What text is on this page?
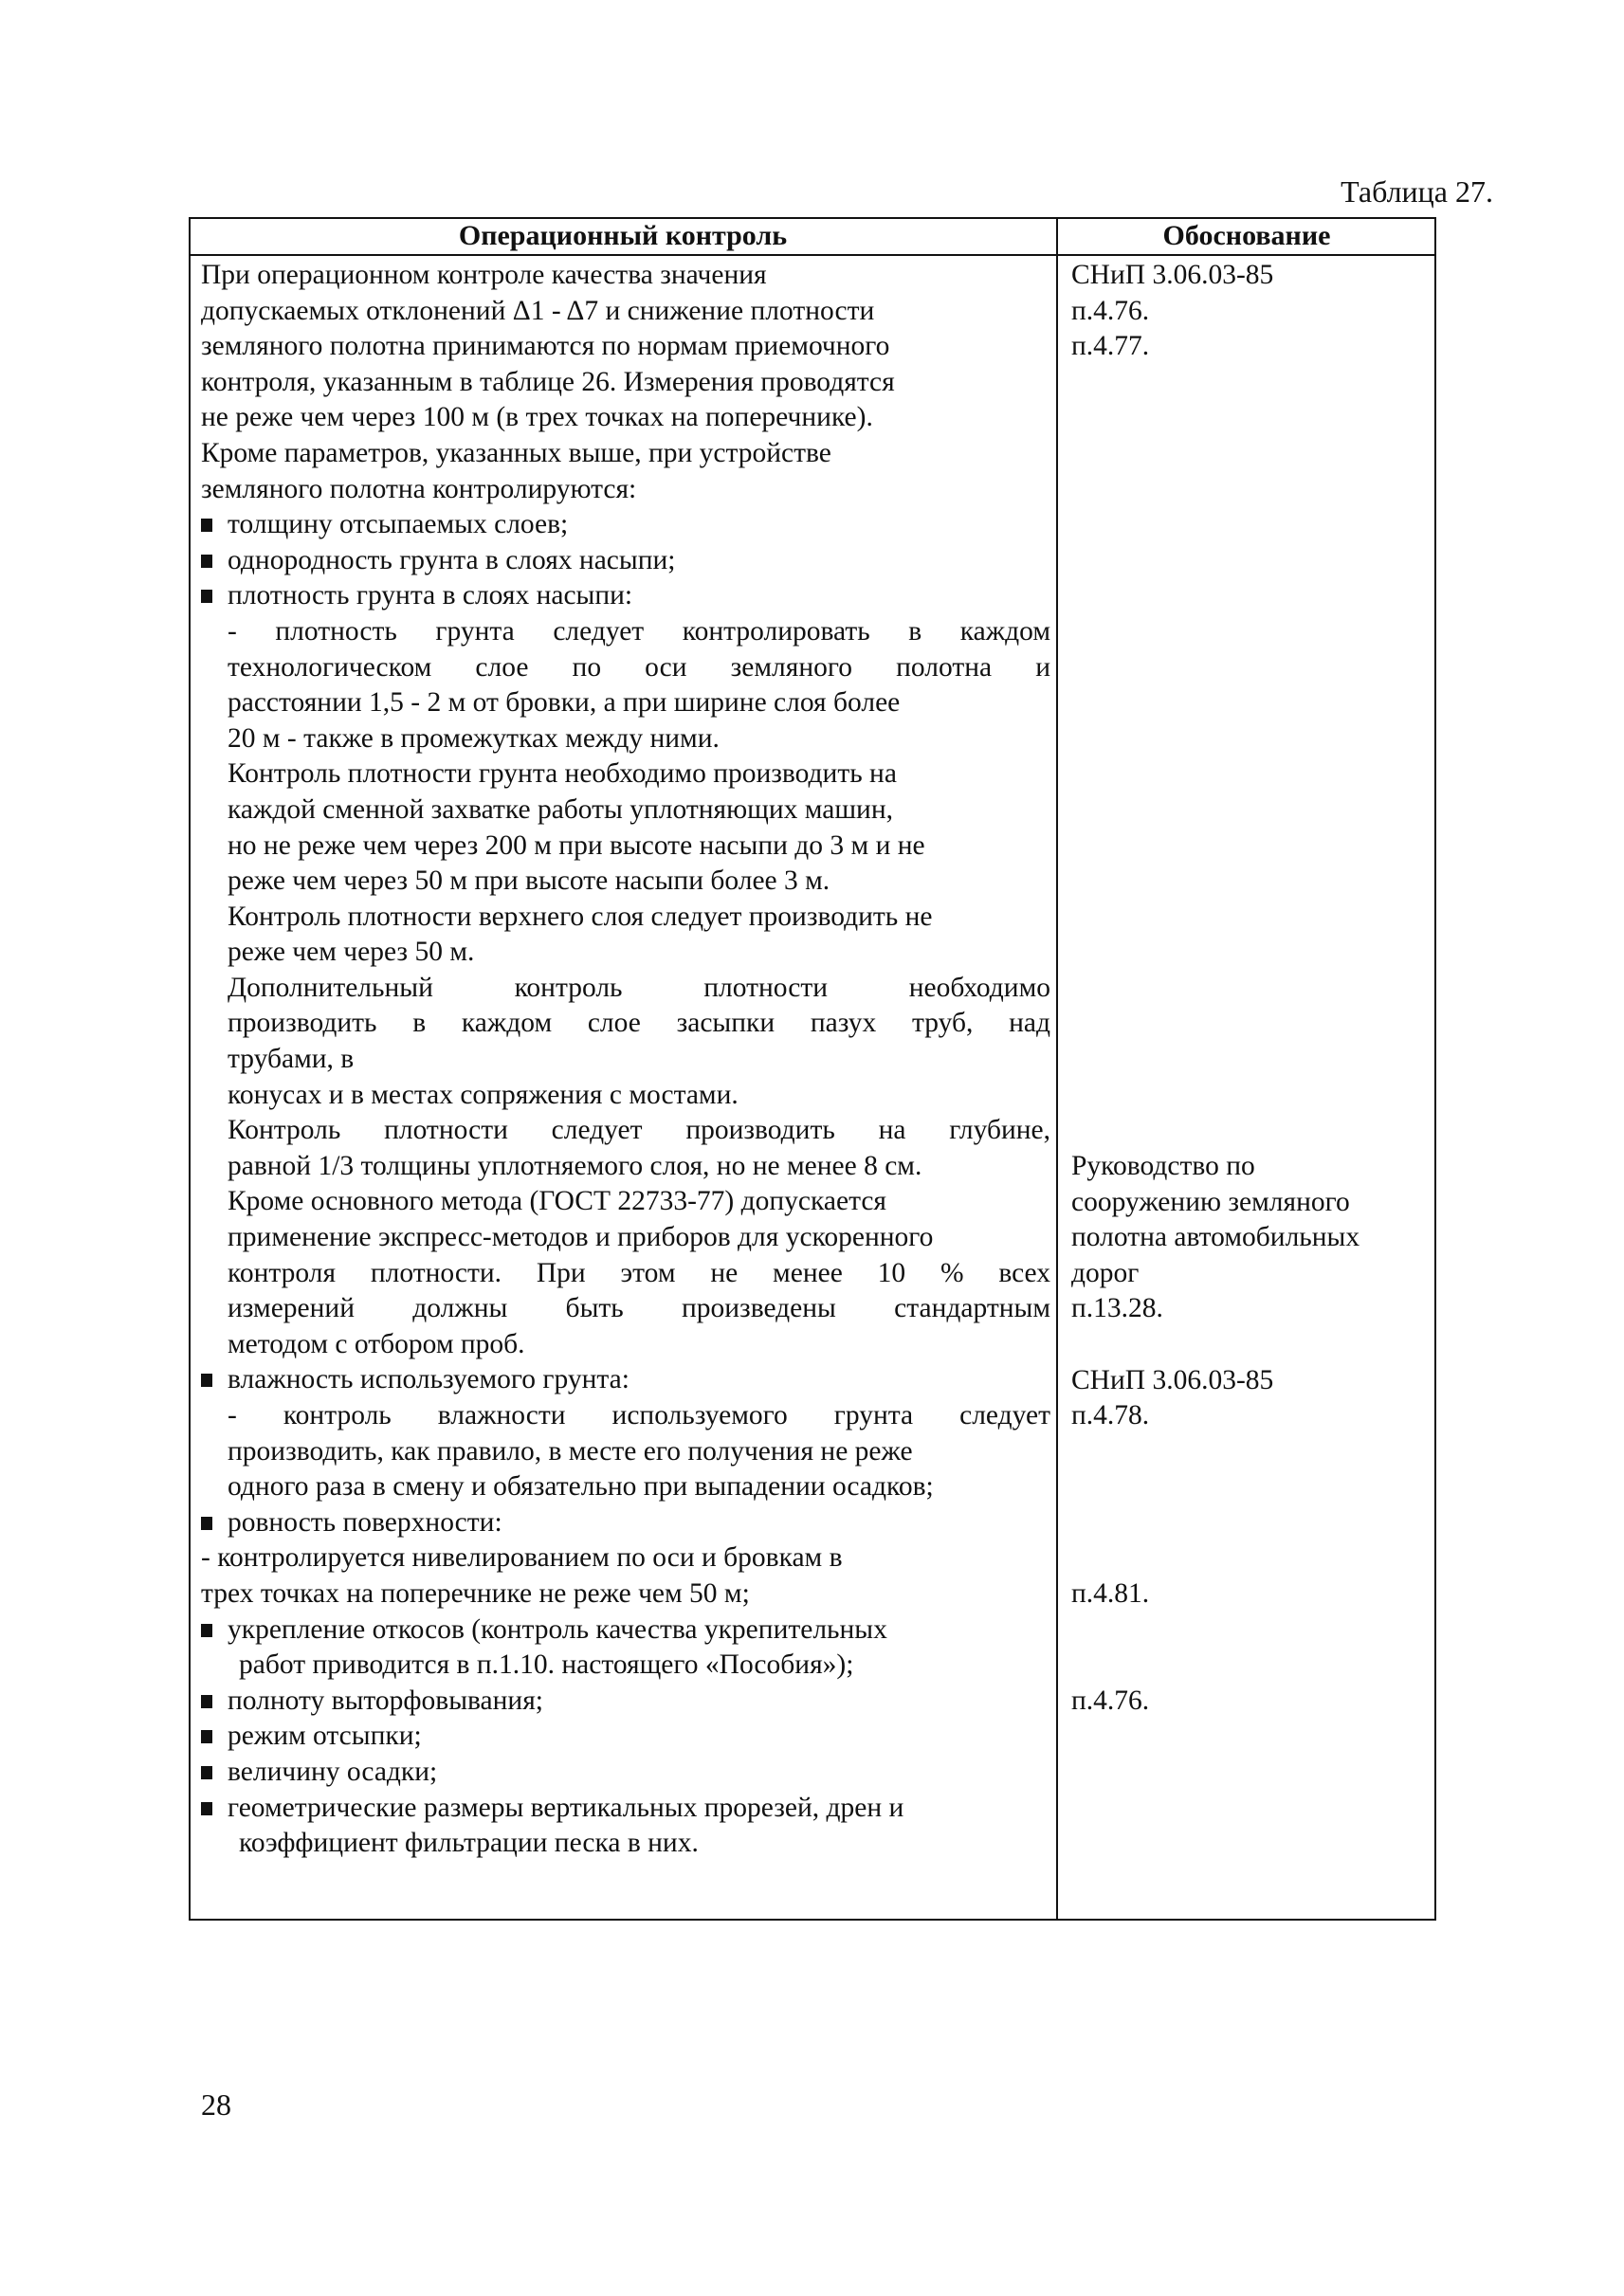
Таблица 27.
Операционный контроль	Обоснование
При операционном контроле качества значения
допускаемых отклонений Δ1 - Δ7 и снижение плотности
земляного полотна принимаются по нормам приемочного
контроля, указанным в таблице 26. Измерения проводятся
не реже чем через 100 м (в трех точках на поперечнике).
Кроме параметров, указанных выше, при устройстве
земляного полотна контролируются:
толщину отсыпаемых слоев;
однородность грунта в слоях насыпи;
плотность грунта в слоях насыпи:
- плотность грунта следует контролировать в каждом
технологическом слое по оси земляного полотна и
расстоянии 1,5 - 2 м от бровки, а при ширине слоя более
20 м - также в промежутках между ними.
Контроль плотности грунта необходимо производить на
каждой сменной захватке работы уплотняющих машин,
но не реже чем через 200 м при высоте насыпи до 3 м и не
реже чем через 50 м при высоте насыпи более 3 м.
Контроль плотности верхнего слоя следует производить не
реже чем через 50 м.
Дополнительный контроль плотности необходимо
производить в каждом слое засыпки пазух труб, над
трубами, в
конусах и в местах сопряжения с мостами.
Контроль плотности следует производить на глубине,
равной 1/3 толщины уплотняемого слоя, но не менее 8 см.
Кроме основного метода (ГОСТ 22733-77) допускается
применение экспресс-методов и приборов для ускоренного
контроля плотности. При этом не менее 10 % всех
измерений должны быть произведены стандартным
методом с отбором проб.
влажность используемого грунта:
- контроль влажности используемого грунта следует
производить, как правило, в месте его получения не реже
одного раза в смену и обязательно при выпадении осадков;
ровность поверхности:
- контролируется нивелированием по оси и бровкам в
трех точках на поперечнике не реже чем 50 м;
укрепление откосов (контроль качества укрепительных
работ приводится в п.1.10. настоящего «Пособия»);
полноту выторфовывания;
режим отсыпки;
величину осадки;
геометрические размеры вертикальных прорезей, дрен и
коэффициент фильтрации песка в них.
СНиП 3.06.03-85
п.4.76.
п.4.77.
Руководство по
сооружению земляного
полотна автомобильных
дорог
п.13.28.
СНиП 3.06.03-85
п.4.78.
п.4.81.
п.4.76.
28
